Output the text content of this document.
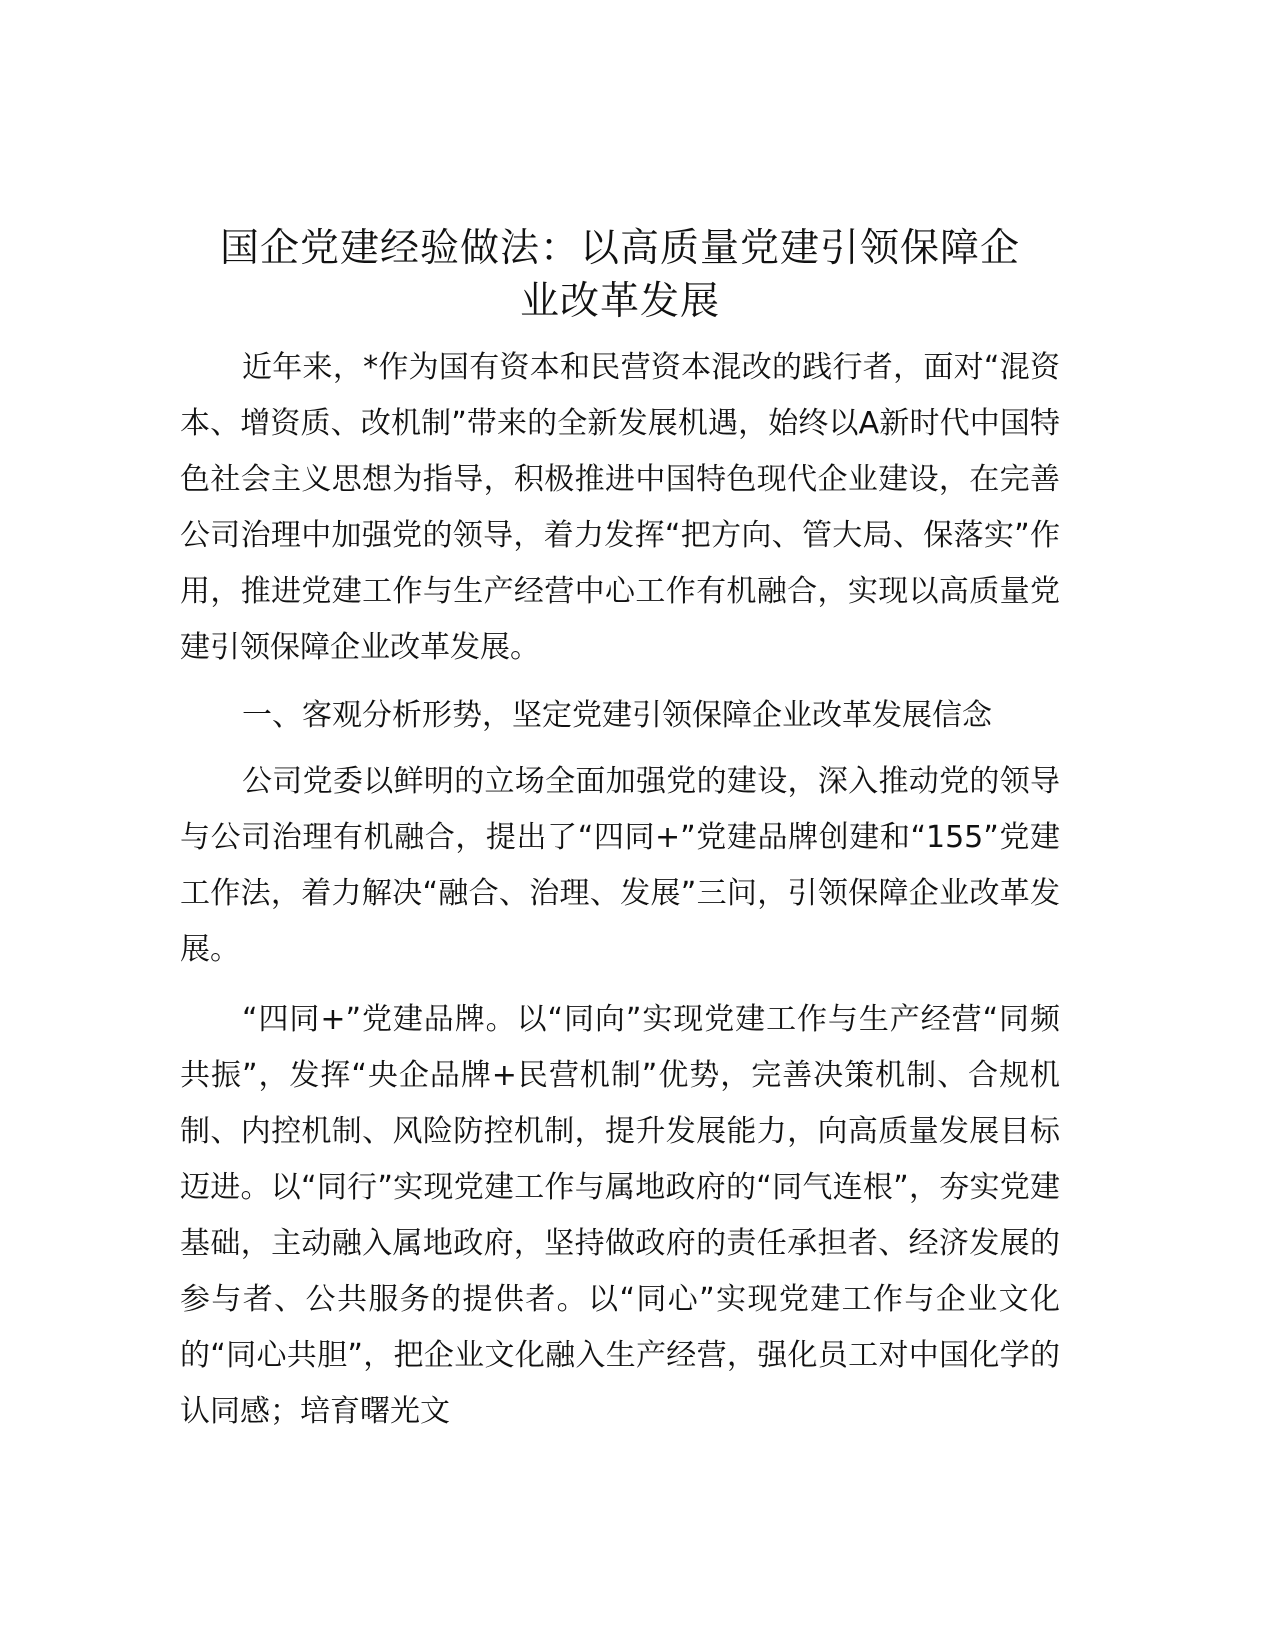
国企党建经验做法：以高质量党建引领保障企
业改革发展

近年来，*作为国有资本和民营资本混改的践行者，面对“混资本、增资质、改机制”带来的全新发展机遇，始终以A新时代中国特色社会主义思想为指导，积极推进中国特色现代企业建设，在完善公司治理中加强党的领导，着力发挥“把方向、管大局、保落实”作用，推进党建工作与生产经营中心工作有机融合，实现以高质量党建引领保障企业改革发展。

一、客观分析形势，坚定党建引领保障企业改革发展信念

公司党委以鲜明的立场全面加强党的建设，深入推动党的领导与公司治理有机融合，提出了“四同+”党建品牌创建和“155”党建工作法，着力解决“融合、治理、发展”三问，引领保障企业改革发展。

“四同+”党建品牌。以“同向”实现党建工作与生产经营“同频共振”，发挥“央企品牌+民营机制”优势，完善决策机制、合规机制、内控机制、风险防控机制，提升发展能力，向高质量发展目标迈进。以“同行”实现党建工作与属地政府的“同气连根”，夯实党建基础，主动融入属地政府，坚持做政府的责任承担者、经济发展的参与者、公共服务的提供者。以“同心”实现党建工作与企业文化的“同心共胆”，把企业文化融入生产经营，强化员工对中国化学的认同感；培育曙光文
